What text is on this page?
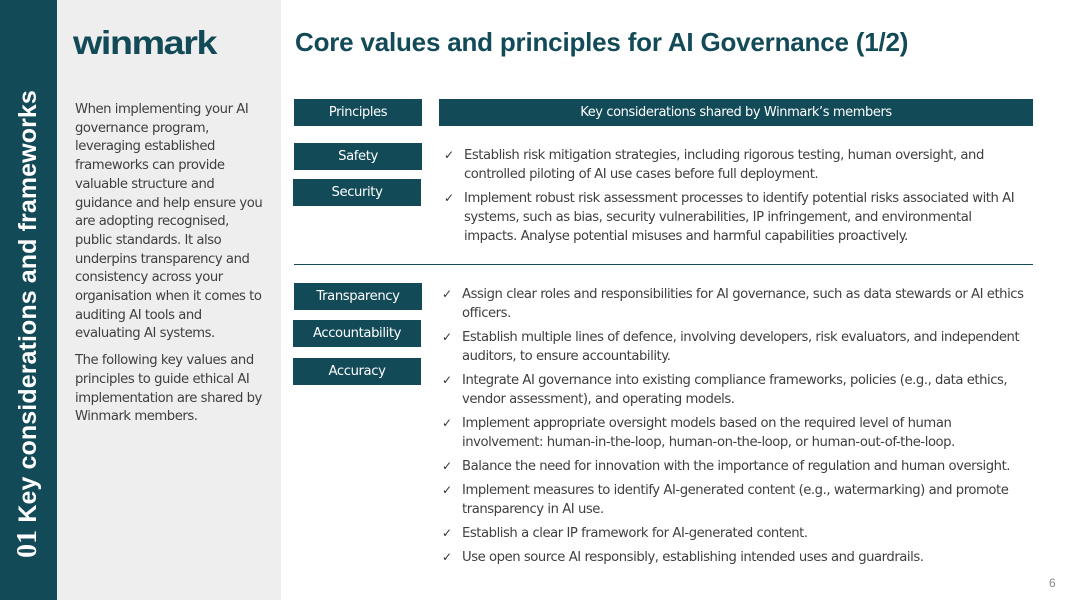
01 Key considerations and frameworks
winmark

When implementing your AI governance program, leveraging established frameworks can provide valuable structure and guidance and help ensure you are adopting recognised, public standards. It also underpins transparency and consistency across your organisation when it comes to auditing AI tools and evaluating AI systems.

The following key values and principles to guide ethical AI implementation are shared by Winmark members.

Core values and principles for AI Governance (1/2)
Principles	Key considerations shared by Winmark’s members
Safety
Security
✓ Establish risk mitigation strategies, including rigorous testing, human oversight, and controlled piloting of AI use cases before full deployment.
✓ Implement robust risk assessment processes to identify potential risks associated with AI systems, such as bias, security vulnerabilities, IP infringement, and environmental impacts. Analyse potential misuses and harmful capabilities proactively.
Transparency
Accountability
Accuracy
✓ Assign clear roles and responsibilities for AI governance, such as data stewards or AI ethics officers.
✓ Establish multiple lines of defence, involving developers, risk evaluators, and independent auditors, to ensure accountability.
✓ Integrate AI governance into existing compliance frameworks, policies (e.g., data ethics, vendor assessment), and operating models.
✓ Implement appropriate oversight models based on the required level of human involvement: human-in-the-loop, human-on-the-loop, or human-out-of-the-loop.
✓ Balance the need for innovation with the importance of regulation and human oversight.
✓ Implement measures to identify AI-generated content (e.g., watermarking) and promote transparency in AI use.
✓ Establish a clear IP framework for AI-generated content.
✓ Use open source AI responsibly, establishing intended uses and guardrails.
6
